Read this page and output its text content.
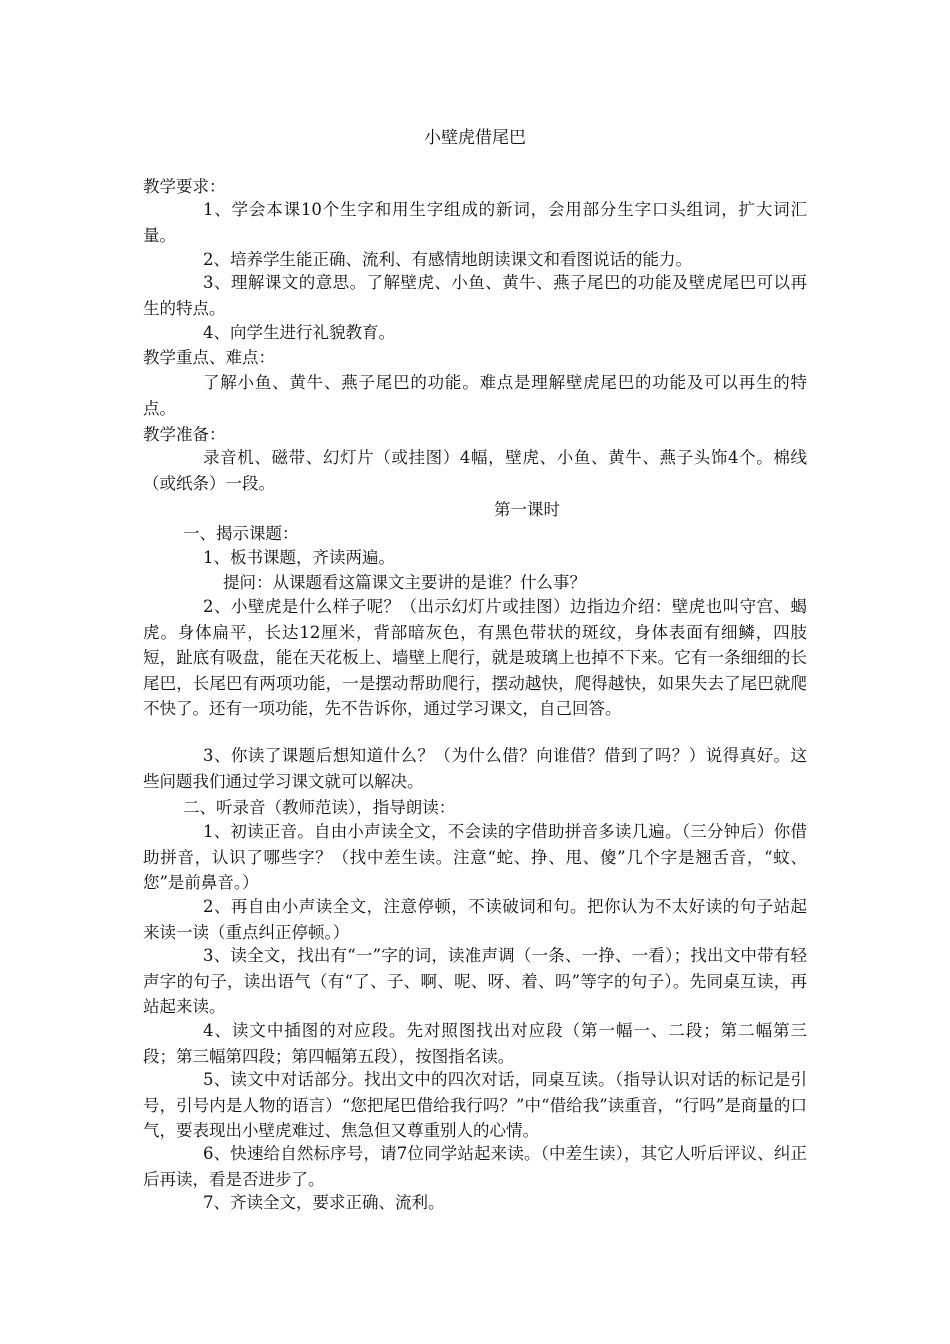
小壁虎借尾巴
教学要求：

1、学会本课10个生字和用生字组成的新词，会用部分生字口头组词，扩大词汇量。

2、培养学生能正确、流利、有感情地朗读课文和看图说话的能力。

3、理解课文的意思。了解壁虎、小鱼、黄牛、燕子尾巴的功能及壁虎尾巴可以再生的特点。

4、向学生进行礼貌教育。

教学重点、难点：

了解小鱼、黄牛、燕子尾巴的功能。难点是理解壁虎尾巴的功能及可以再生的特点。

教学准备：

录音机、磁带、幻灯片（或挂图）4幅，壁虎、小鱼、黄牛、燕子头饰4个。棉线（或纸条）一段。

第一课时

一、揭示课题：

1、板书课题，齐读两遍。

提问：从课题看这篇课文主要讲的是谁？什么事？

2、小壁虎是什么样子呢？（出示幻灯片或挂图）边指边介绍：壁虎也叫守宫、蝎虎。身体扁平，长达12厘米，背部暗灰色，有黑色带状的斑纹，身体表面有细鳞，四肢短，趾底有吸盘，能在天花板上、墙壁上爬行，就是玻璃上也掉不下来。它有一条细细的长尾巴，长尾巴有两项功能，一是摆动帮助爬行，摆动越快，爬得越快，如果失去了尾巴就爬不快了。还有一项功能，先不告诉你，通过学习课文，自己回答。

3、你读了课题后想知道什么？（为什么借？向谁借？借到了吗？）说得真好。这些问题我们通过学习课文就可以解决。

二、听录音（教师范读），指导朗读：

1、初读正音。自由小声读全文，不会读的字借助拼音多读几遍。（三分钟后）你借助拼音，认识了哪些字？（找中差生读。注意“蛇、挣、甩、傻”几个字是翘舌音，“蚊、您”是前鼻音。）

2、再自由小声读全文，注意停顿，不读破词和句。把你认为不太好读的句子站起来读一读（重点纠正停顿。）

3、读全文，找出有“一”字的词，读准声调（一条、一挣、一看）；找出文中带有轻声字的句子，读出语气（有“了、子、啊、呢、呀、着、吗”等字的句子）。先同桌互读，再站起来读。

4、读文中插图的对应段。先对照图找出对应段（第一幅一、二段；第二幅第三段；第三幅第四段；第四幅第五段），按图指名读。

5、读文中对话部分。找出文中的四次对话，同桌互读。（指导认识对话的标记是引号，引号内是人物的语言）“您把尾巴借给我行吗？”中“借给我”读重音，“行吗”是商量的口气，要表现出小壁虎难过、焦急但又尊重别人的心情。

6、快速给自然标序号，请7位同学站起来读。（中差生读），其它人听后评议、纠正后再读，看是否进步了。

7、齐读全文，要求正确、流利。
